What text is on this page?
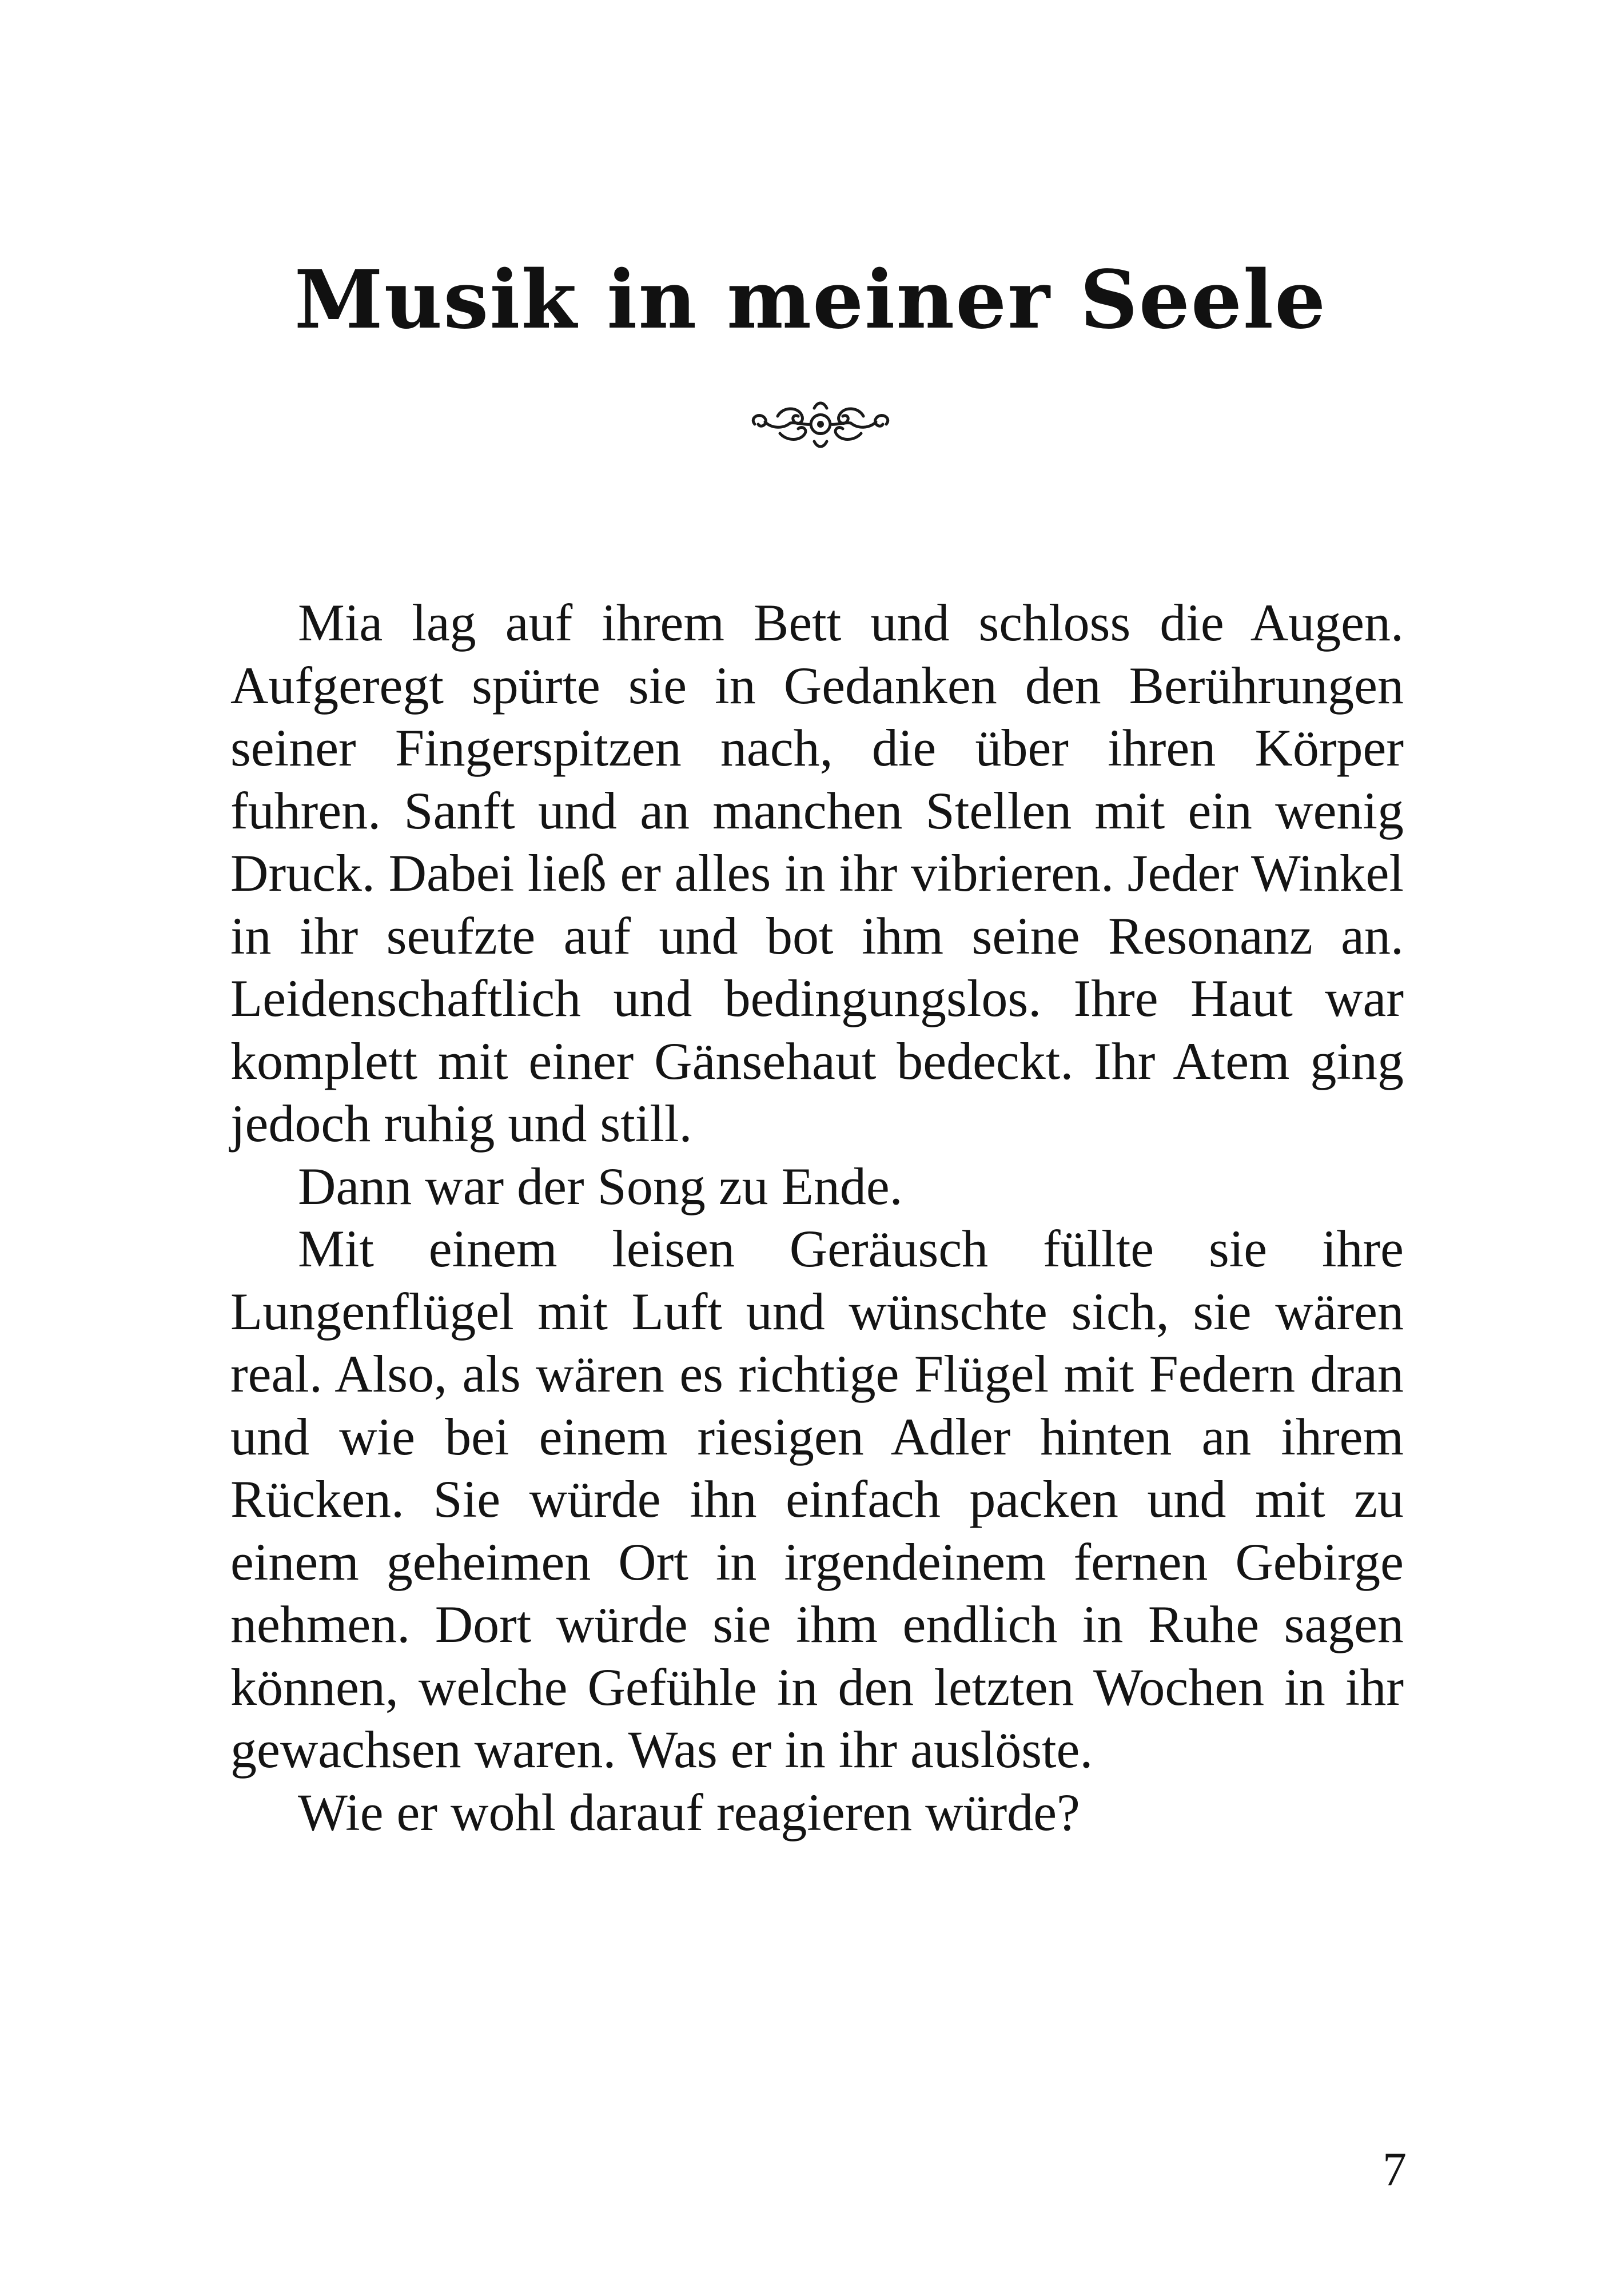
Musik in meiner Seele

Mia lag auf ihrem Bett und schloss die Augen. Aufgeregt spürte sie in Gedanken den Berührungen seiner Fingerspitzen nach, die über ihren Körper fuhren. Sanft und an manchen Stellen mit ein wenig Druck. Dabei ließ er alles in ihr vibrieren. Jeder Winkel in ihr seufzte auf und bot ihm seine Resonanz an. Leidenschaftlich und bedingungslos. Ihre Haut war komplett mit einer Gänsehaut bedeckt. Ihr Atem ging jedoch ruhig und still.

Dann war der Song zu Ende.

Mit einem leisen Geräusch füllte sie ihre Lungenflügel mit Luft und wünschte sich, sie wären real. Also, als wären es richtige Flügel mit Federn dran und wie bei einem riesigen Adler hinten an ihrem Rücken. Sie würde ihn einfach packen und mit zu einem geheimen Ort in irgendeinem fernen Gebirge nehmen. Dort würde sie ihm endlich in Ruhe sagen können, welche Gefühle in den letzten Wochen in ihr gewachsen waren. Was er in ihr auslöste.

Wie er wohl darauf reagieren würde?

7
